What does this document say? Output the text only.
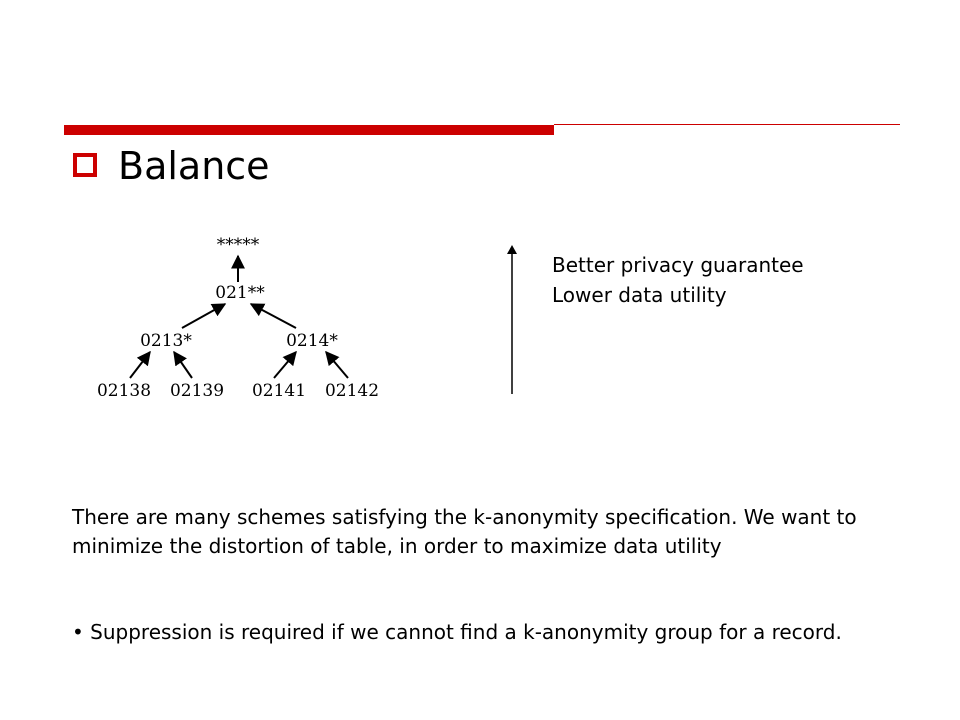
Balance
*****
021**
0213*	0214*
02138 02139 02141 02142
Better privacy guarantee
Lower data utility
There are many schemes satisfying the k-anonymity specification. We want to minimize the distortion of table, in order to maximize data utility
• Suppression is required if we cannot find a k-anonymity group for a record.
